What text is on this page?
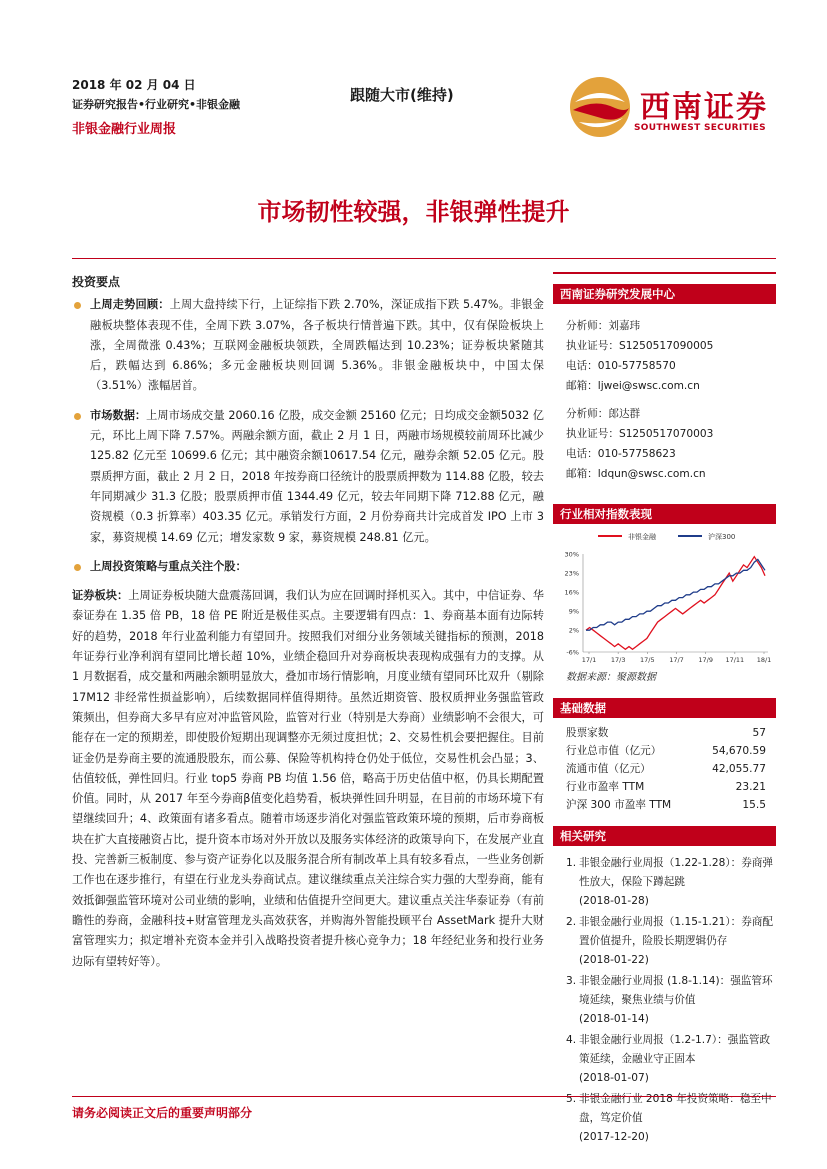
2018 年 02 月 04 日
证券研究报告•行业研究•非银金融
非银金融行业周报
跟随大市(维持)	西南证券
SOUTHWEST SECURITIES
市场韧性较强，非银弹性提升

投资要点

上周走势回顾：上周大盘持续下行，上证综指下跌 2.70%，深证成指下跌 5.47%。非银金融板块整体表现不佳，全周下跌 3.07%，各子板块行情普遍下跌。其中，仅有保险板块上涨，全周微涨 0.43%；互联网金融板块领跌，全周跌幅达到 10.23%；证券板块紧随其后，跌幅达到 6.86%；多元金融板块则回调 5.36%。非银金融板块中，中国太保（3.51%）涨幅居首。

市场数据：上周市场成交量 2060.16 亿股，成交金额 25160 亿元；日均成交金额5032 亿元，环比上周下降 7.57%。两融余额方面，截止 2 月 1 日，两融市场规模较前周环比减少 125.82 亿元至 10699.6 亿元；其中融资余额10617.54 亿元，融券余额 52.05 亿元。股票质押方面，截止 2 月 2 日，2018 年按券商口径统计的股票质押数为 114.88 亿股，较去年同期减少 31.3 亿股；股票质押市值 1344.49 亿元，较去年同期下降 712.88 亿元，融资规模（0.3 折算率）403.35 亿元。承销发行方面，2 月份券商共计完成首发 IPO 上市 3 家，募资规模 14.69 亿元；增发家数 9 家，募资规模 248.81 亿元。

上周投资策略与重点关注个股：

证券板块：上周证券板块随大盘震荡回调，我们认为应在回调时择机买入。其中，中信证券、华泰证券在 1.35 倍 PB，18 倍 PE 附近是极佳买点。主要逻辑有四点：1、券商基本面有边际转好的趋势，2018 年行业盈利能力有望回升。按照我们对细分业务领域关键指标的预测，2018 年证券行业净利润有望同比增长超 10%，业绩企稳回升对券商板块表现构成强有力的支撑。从 1 月数据看，成交量和两融余额明显放大，叠加市场行情影响，月度业绩有望同环比双升（剔除 17M12 非经常性损益影响），后续数据同样值得期待。虽然近期资管、股权质押业务强监管政策频出，但券商大多早有应对冲监管风险，监管对行业（特别是大券商）业绩影响不会很大，可能存在一定的预期差，即使股价短期出现调整亦无须过度担忧；2、交易性机会要把握住。目前证金仍是券商主要的流通股股东，而公募、保险等机构持仓仍处于低位，交易性机会凸显；3、估值较低，弹性回归。行业 top5 券商 PB 均值 1.56 倍，略高于历史估值中枢，仍具长期配置价值。同时，从 2017 年至今券商β值变化趋势看，板块弹性回升明显，在目前的市场环境下有望继续回升；4、政策面有诸多看点。随着市场逐步消化对强监管政策环境的预期，后市券商板块在扩大直接融资占比，提升资本市场对外开放以及服务实体经济的政策导向下，在发展产业直投、完善新三板制度、参与资产证券化以及服务混合所有制改革上具有较多看点，一些业务创新工作也在逐步推行，有望在行业龙头券商试点。建议继续重点关注综合实力强的大型券商，能有效抵御强监管环境对公司业绩的影响，业绩和估值提升空间更大。建议重点关注华泰证券（有前瞻性的券商，金融科技+财富管理龙头高效获客，并购海外智能投顾平台 AssetMark 提升大财富管理实力；拟定增补充资本金并引入战略投资者提升核心竞争力；18 年经纪业务和投行业务边际有望转好等）。

西南证券研究发展中心
分析师：刘嘉玮
执业证号：S1250517090005
电话：010-57758570
邮箱：ljwei@swsc.com.cn
分析师：郎达群
执业证号：S1250517070003
电话：010-57758623
邮箱：ldqun@swsc.com.cn
行业相对指数表现
非银金融	沪深300
30%
23%
16%
9%
2%
-6%
17/1 17/3 17/5 17/7 17/9 17/11 18/1
数据来源：聚源数据
基础数据
股票家数	57
行业总市值（亿元）	54,670.59
流通市值（亿元）	42,055.77
行业市盈率 TTM	23.21
沪深 300 市盈率 TTM	15.5
相关研究
1. 非银金融行业周报（1.22-1.28）：券商弹性放大，保险下蹲起跳
(2018-01-28)
2. 非银金融行业周报（1.15-1.21）：券商配置价值提升，险股长期逻辑仍存
(2018-01-22)
3. 非银金融行业周报 (1.8-1.14)：强监管环境延续，聚焦业绩与价值
(2018-01-14)
4. 非银金融行业周报（1.2-1.7）：强监管政策延续，金融业守正固本
(2018-01-07)
5. 非银金融行业 2018 年投资策略：稳至中盘，笃定价值
(2017-12-20)
请务必阅读正文后的重要声明部分
